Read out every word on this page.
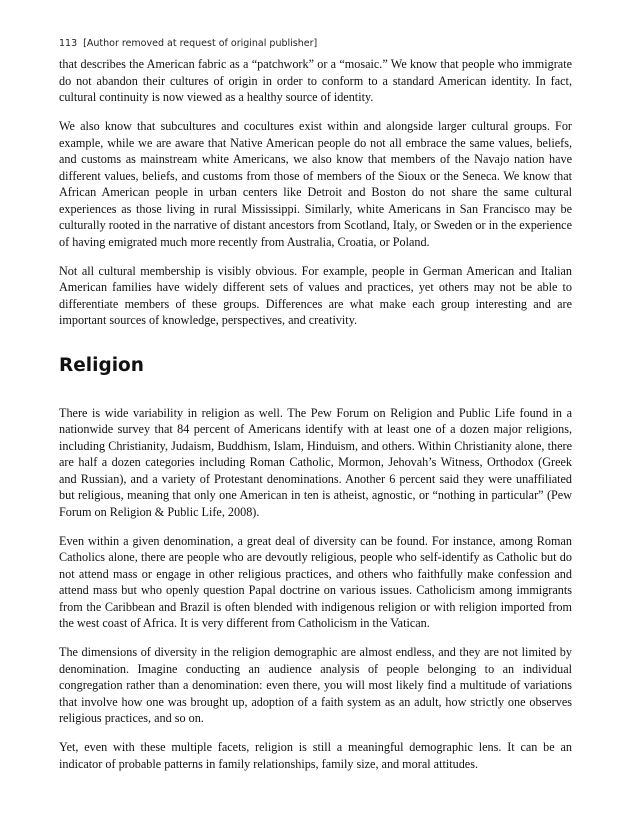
113 [Author removed at request of original publisher]

that describes the American fabric as a “patchwork” or a “mosaic.” We know that people who immigrate do not abandon their cultures of origin in order to conform to a standard American identity. In fact, cultural continuity is now viewed as a healthy source of identity.

We also know that subcultures and cocultures exist within and alongside larger cultural groups. For example, while we are aware that Native American people do not all embrace the same values, beliefs, and customs as mainstream white Americans, we also know that members of the Navajo nation have different values, beliefs, and customs from those of members of the Sioux or the Seneca. We know that African American people in urban centers like Detroit and Boston do not share the same cultural experiences as those living in rural Mississippi. Similarly, white Americans in San Francisco may be culturally rooted in the narrative of distant ancestors from Scotland, Italy, or Sweden or in the experience of having emigrated much more recently from Australia, Croatia, or Poland.

Not all cultural membership is visibly obvious. For example, people in German American and Italian American families have widely different sets of values and practices, yet others may not be able to differentiate members of these groups. Differences are what make each group interesting and are important sources of knowledge, perspectives, and creativity.

Religion

There is wide variability in religion as well. The Pew Forum on Religion and Public Life found in a nationwide survey that 84 percent of Americans identify with at least one of a dozen major religions, including Christianity, Judaism, Buddhism, Islam, Hinduism, and others. Within Christianity alone, there are half a dozen categories including Roman Catholic, Mormon, Jehovah’s Witness, Orthodox (Greek and Russian), and a variety of Protestant denominations. Another 6 percent said they were unaffiliated but religious, meaning that only one American in ten is atheist, agnostic, or “nothing in particular” (Pew Forum on Religion & Public Life, 2008).

Even within a given denomination, a great deal of diversity can be found. For instance, among Roman Catholics alone, there are people who are devoutly religious, people who self-identify as Catholic but do not attend mass or engage in other religious practices, and others who faithfully make confession and attend mass but who openly question Papal doctrine on various issues. Catholicism among immigrants from the Caribbean and Brazil is often blended with indigenous religion or with religion imported from the west coast of Africa. It is very different from Catholicism in the Vatican.

The dimensions of diversity in the religion demographic are almost endless, and they are not limited by denomination. Imagine conducting an audience analysis of people belonging to an individual congregation rather than a denomination: even there, you will most likely find a multitude of variations that involve how one was brought up, adoption of a faith system as an adult, how strictly one observes religious practices, and so on.

Yet, even with these multiple facets, religion is still a meaningful demographic lens. It can be an indicator of probable patterns in family relationships, family size, and moral attitudes.
